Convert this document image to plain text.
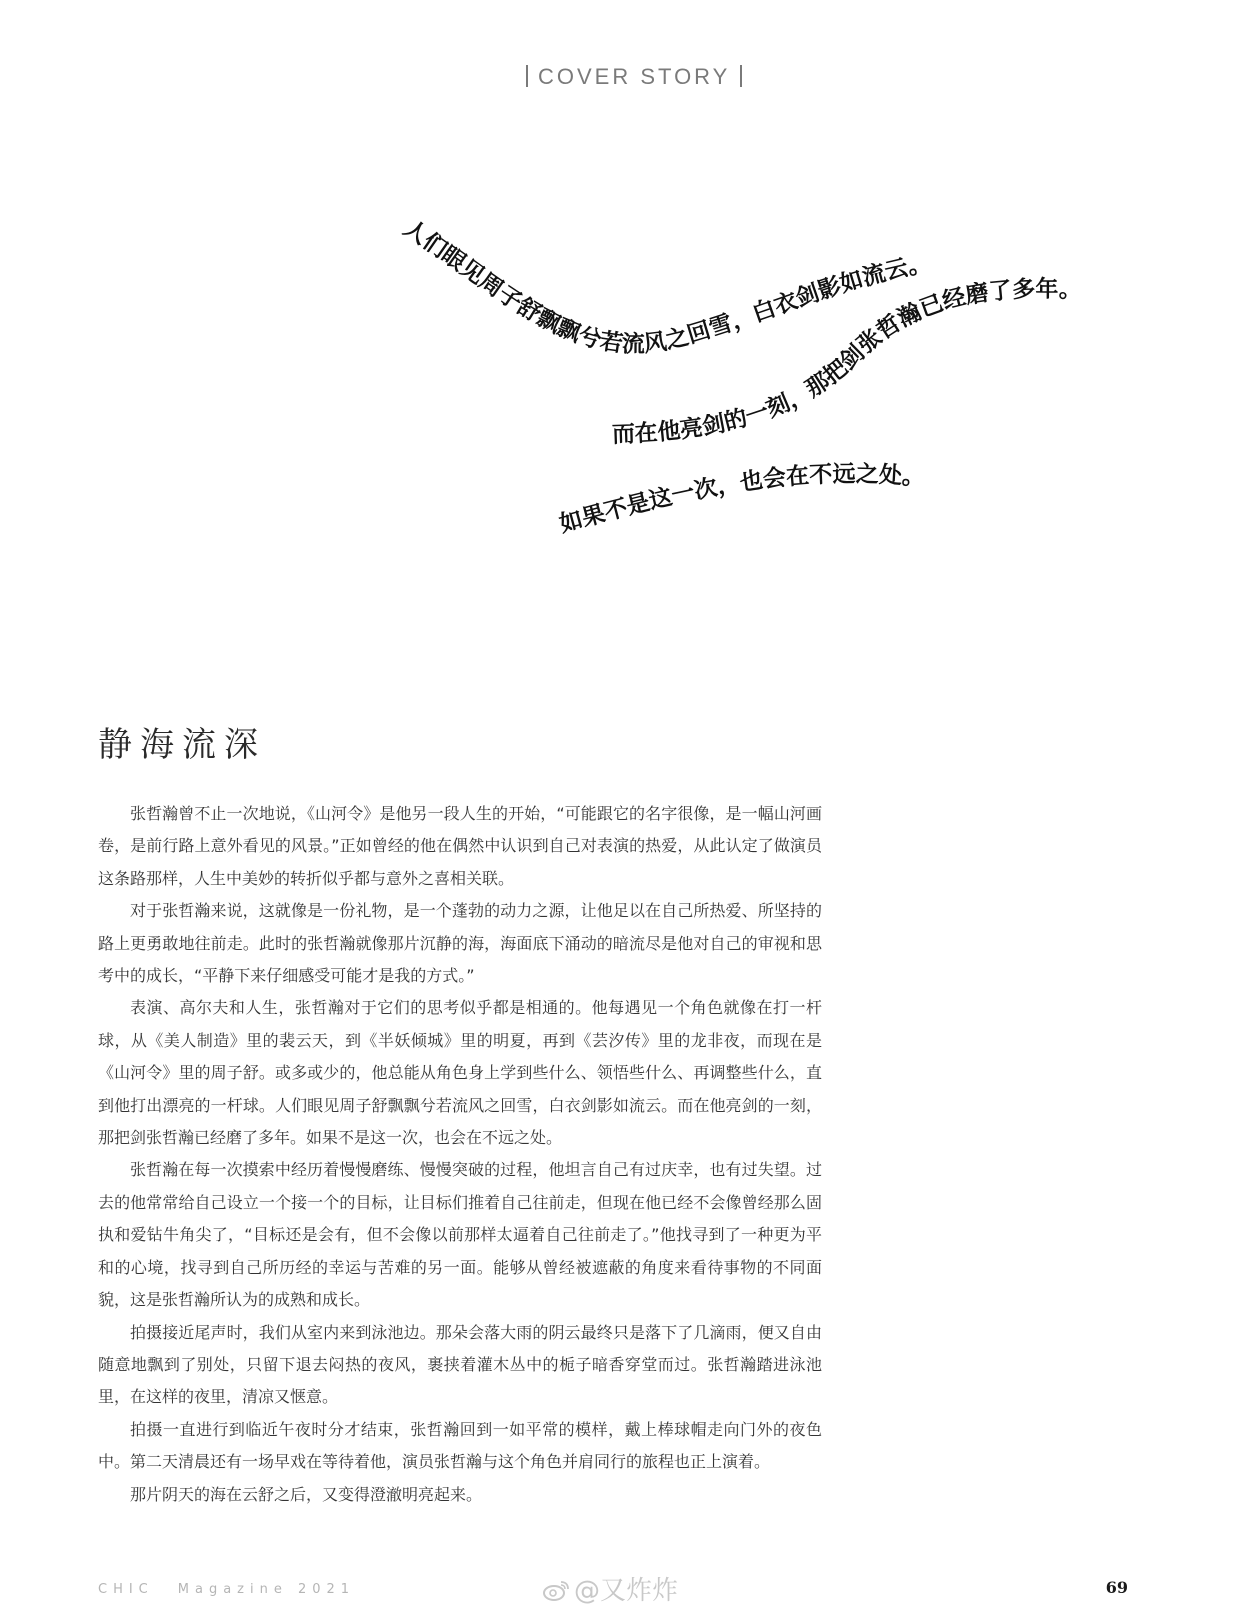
COVER STORY
人们眼见周子舒飘飘兮若流风之回雪，白衣剑影如流云。
而在他亮剑的一刻，那把剑张哲瀚已经磨了多年。
如果不是这一次，也会在不远之处。
静海流深

张哲瀚曾不止一次地说，《山河令》是他另一段人生的开始，“可能跟它的名字很像，是一幅山河画卷，是前行路上意外看见的风景。”正如曾经的他在偶然中认识到自己对表演的热爱，从此认定了做演员这条路那样，人生中美妙的转折似乎都与意外之喜相关联。

对于张哲瀚来说，这就像是一份礼物，是一个蓬勃的动力之源，让他足以在自己所热爱、所坚持的路上更勇敢地往前走。此时的张哲瀚就像那片沉静的海，海面底下涌动的暗流尽是他对自己的审视和思考中的成长，“平静下来仔细感受可能才是我的方式。”

表演、高尔夫和人生，张哲瀚对于它们的思考似乎都是相通的。他每遇见一个角色就像在打一杆球，从《美人制造》里的裴云天，到《半妖倾城》里的明夏，再到《芸汐传》里的龙非夜，而现在是《山河令》里的周子舒。或多或少的，他总能从角色身上学到些什么、领悟些什么、再调整些什么，直到他打出漂亮的一杆球。人们眼见周子舒飘飘兮若流风之回雪，白衣剑影如流云。而在他亮剑的一刻，那把剑张哲瀚已经磨了多年。如果不是这一次，也会在不远之处。

张哲瀚在每一次摸索中经历着慢慢磨练、慢慢突破的过程，他坦言自己有过庆幸，也有过失望。过去的他常常给自己设立一个接一个的目标，让目标们推着自己往前走，但现在他已经不会像曾经那么固执和爱钻牛角尖了，“目标还是会有，但不会像以前那样太逼着自己往前走了。”他找寻到了一种更为平和的心境，找寻到自己所历经的幸运与苦难的另一面。能够从曾经被遮蔽的角度来看待事物的不同面貌，这是张哲瀚所认为的成熟和成长。

拍摄接近尾声时，我们从室内来到泳池边。那朵会落大雨的阴云最终只是落下了几滴雨，便又自由随意地飘到了别处，只留下退去闷热的夜风，裹挟着灌木丛中的栀子暗香穿堂而过。张哲瀚踏进泳池里，在这样的夜里，清凉又惬意。

拍摄一直进行到临近午夜时分才结束，张哲瀚回到一如平常的模样，戴上棒球帽走向门外的夜色中。第二天清晨还有一场早戏在等待着他，演员张哲瀚与这个角色并肩同行的旅程也正上演着。

那片阴天的海在云舒之后，又变得澄澈明亮起来。

CHIC Magazine 2021	@又炸炸	69
